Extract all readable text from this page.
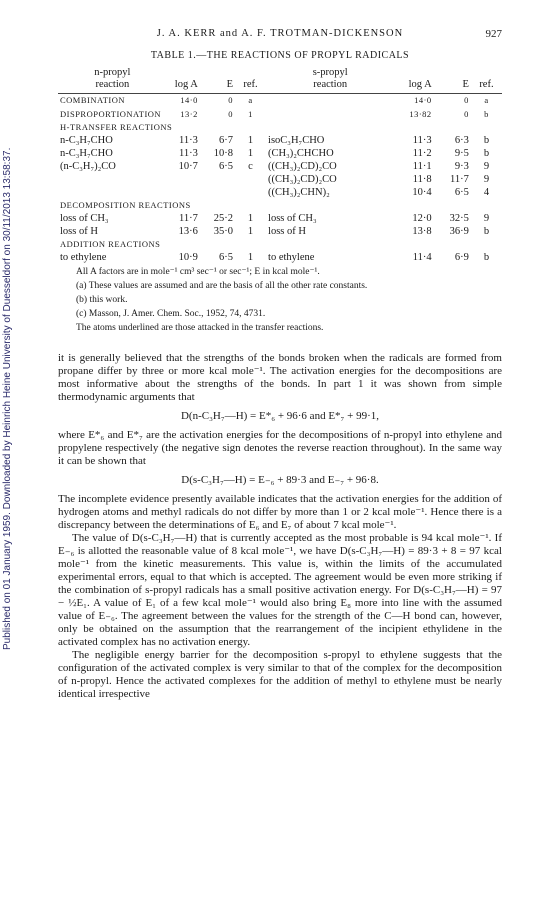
Published on 01 January 1959. Downloaded by Heinrich Heine University of Duesseldorf on 30/11/2013 13:58:37.
J. A. KERR and A. F. TROTMAN-DICKENSON	927
TABLE 1.—THE REACTIONS OF PROPYL RADICALS
n-propyl				s-propyl			
reaction	log A	E	ref.	reaction	log A	E	ref.

COMBINATION	14·0	0	a		14·0	0	a
DISPROPORTIONATION	13·2	0	1		13·82	0	b
H-TRANSFER REACTIONS							
n-C₃H₇CHO	11·3	6·7	1	isoC₃H₇CHO	11·3	6·3	b
n-C₃H₇CHO	11·3	10·8	1	(CH₃)₂CHCHO	11·2	9·5	b
(n-C₃H₇)₂CO	10·7	6·5	c	((CH₃)₂CD)₂CO	11·1	9·3	9
				((CH₃)₂CD)₂CO	11·8	11·7	9
				((CH₃)₂CHN)₂	10·4	6·5	4
DECOMPOSITION REACTIONS							
loss of CH₃	11·7	25·2	1	loss of CH₃	12·0	32·5	9
loss of H	13·6	35·0	1	loss of H	13·8	36·9	b
ADDITION REACTIONS							
to ethylene	10·9	6·5	1	to ethylene	11·4	6·9	b
All A factors are in mole⁻¹ cm³ sec⁻¹ or sec⁻¹; E in kcal mole⁻¹.
(a) These values are assumed and are the basis of all the other rate constants.
(b) this work.
(c) Masson, J. Amer. Chem. Soc., 1952, 74, 4731.
The atoms underlined are those attacked in the transfer reactions.

it is generally believed that the strengths of the bonds broken when the radicals are formed from propane differ by three or more kcal mole⁻¹. The activation energies for the decompositions are most informative about the strengths of the bonds. In part 1 it was shown from simple thermodynamic arguments that

D(n-C₃H₇—H) = E*₆ + 96·6 and E*₇ + 99·1,

where E*₆ and E*₇ are the activation energies for the decompositions of n-propyl into ethylene and propylene respectively (the negative sign denotes the reverse reaction throughout). In the same way it can be shown that

D(s-C₃H₇—H) = E₋₆ + 89·3 and E₋₇ + 96·8.

The incomplete evidence presently available indicates that the activation energies for the addition of hydrogen atoms and methyl radicals do not differ by more than 1 or 2 kcal mole⁻¹. Hence there is a discrepancy between the determinations of E₆ and E₇ of about 7 kcal mole⁻¹.

The value of D(s-C₃H₇—H) that is currently accepted as the most probable is 94 kcal mole⁻¹. If E₋₆ is allotted the reasonable value of 8 kcal mole⁻¹, we have D(s-C₃H₇—H) = 89·3 + 8 = 97 kcal mole⁻¹ from the kinetic measurements. This value is, within the limits of the accumulated experimental errors, equal to that which is accepted. The agreement would be even more striking if the combination of s-propyl radicals has a small positive activation energy. For D(s-C₃H₇—H) = 97 − ½E₁. A value of E₁ of a few kcal mole⁻¹ would also bring E₈ more into line with the assumed value of E₋₆. The agreement between the values for the strength of the C—H bond can, however, only be obtained on the assumption that the rearrangement of the incipient ethylidene in the activated complex has no activation energy.

The negligible energy barrier for the decomposition s-propyl to ethylene suggests that the configuration of the activated complex is very similar to that of the complex for the decomposition of n-propyl. Hence the activated complexes for the addition of methyl to ethylene must be nearly identical irrespective
